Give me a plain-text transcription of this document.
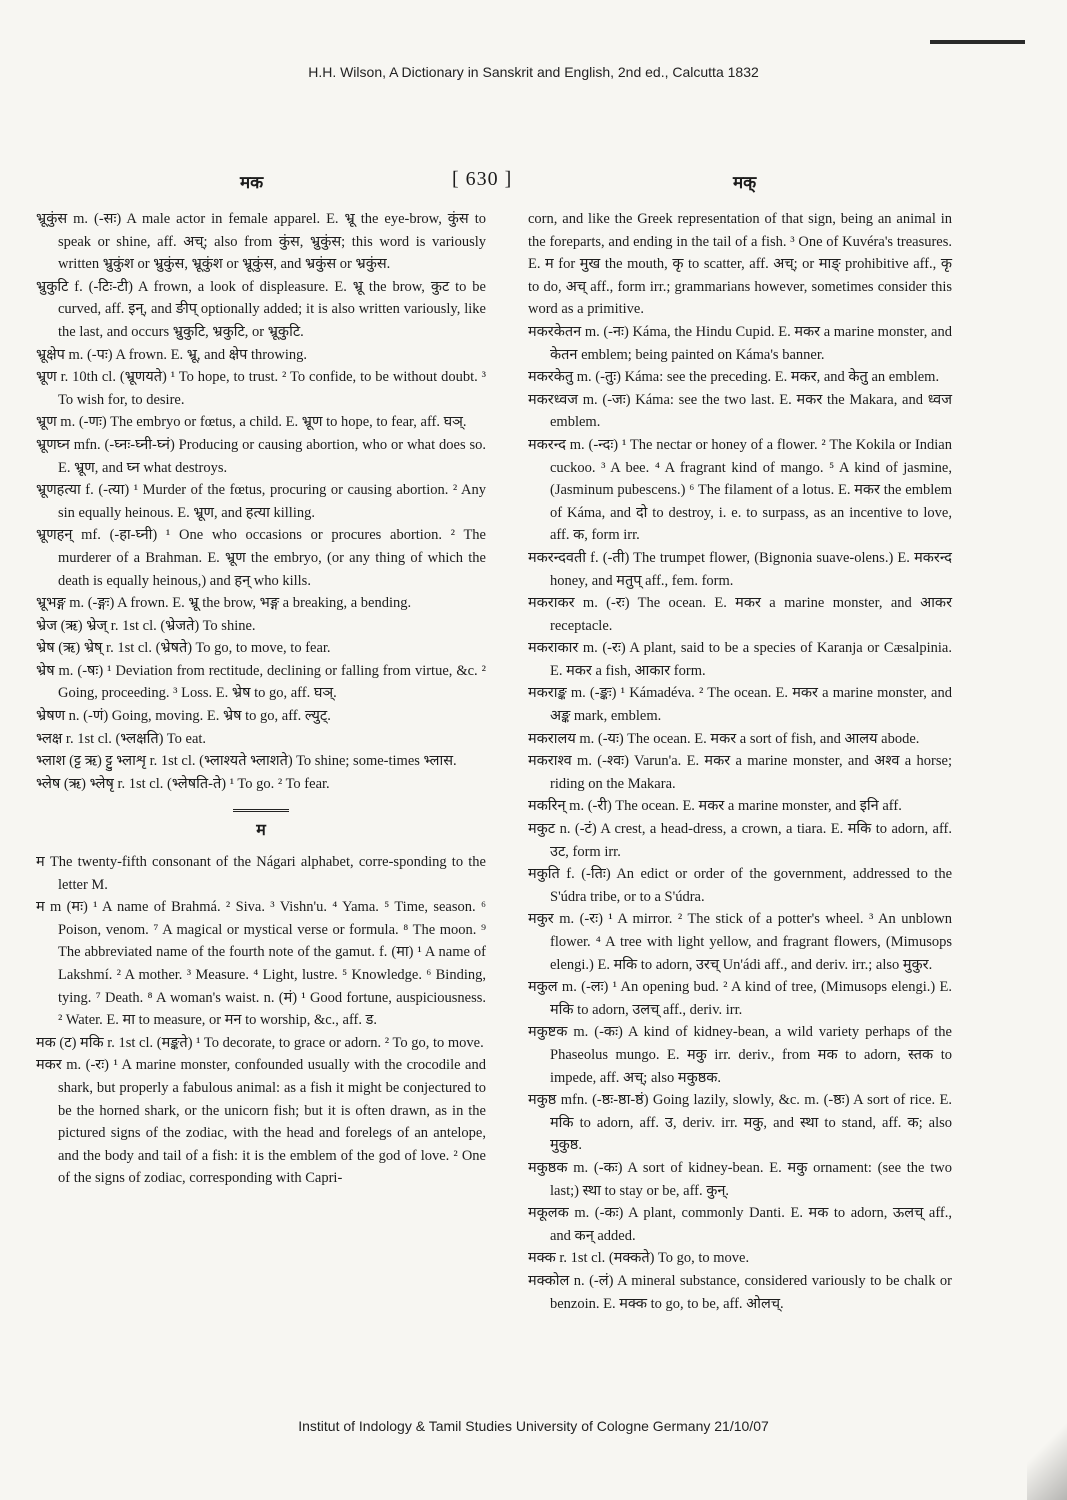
H.H. Wilson, A Dictionary in Sanskrit and English, 2nd ed., Calcutta 1832
मक	[ 630 ]	मक्
भ्रूकुंस m. (-सः) A male actor in female apparel. E. भ्रू the eye-brow, कुंस to speak or shine, aff. अच्; also from कुंस, भ्रुकुंस; this word is variously written भ्रुकुंश or भ्रुकुंस, भ्रूकुंश or भ्रूकुंस, and भ्रकुंस or भ्रकुंस.
भ्रुकुटि f. (-टिः-टी) A frown, a look of displeasure. E. भ्रू the brow, कुट to be curved, aff. इन्, and ङीप् optionally added; it is also written variously, like the last, and occurs भ्रुकुटि, भ्रकुटि, or भ्रूकुटि.
भ्रूक्षेप m. (-पः) A frown. E. भ्रू, and क्षेप throwing.
भ्रूण r. 10th cl. (भ्रूणयते) ¹ To hope, to trust. ² To confide, to be without doubt. ³ To wish for, to desire.
भ्रूण m. (-णः) The embryo or fœtus, a child. E. भ्रूण to hope, to fear, aff. घञ्.
भ्रूणघ्न mfn. (-घ्नः-घ्नी-घ्नं) Producing or causing abortion, who or what does so. E. भ्रूण, and घ्न what destroys.
भ्रूणहत्या f. (-त्या) ¹ Murder of the fœtus, procuring or causing abortion. ² Any sin equally heinous. E. भ्रूण, and हत्या killing.
भ्रूणहन् mf. (-हा-घ्नी) ¹ One who occasions or procures abortion. ² The murderer of a Brahman. E. भ्रूण the embryo, (or any thing of which the death is equally heinous,) and हन् who kills.
भ्रूभङ्ग m. (-ङ्गः) A frown. E. भ्रू the brow, भङ्ग a breaking, a bending.
भ्रेज (ऋ) भ्रेज् r. 1st cl. (भ्रेजते) To shine.
भ्रेष (ऋ) भ्रेष् r. 1st cl. (भ्रेषते) To go, to move, to fear.
भ्रेष m. (-षः) ¹ Deviation from rectitude, declining or falling from virtue, &c. ² Going, proceeding. ³ Loss. E. भ्रेष to go, aff. घञ्.
भ्रेषण n. (-णं) Going, moving. E. भ्रेष to go, aff. ल्युट्.
भ्लक्ष r. 1st cl. (भ्लक्षति) To eat.
भ्लाश (ट्ट ऋ) ट्टु भ्लाशृ r. 1st cl. (भ्लाश्यते भ्लाशते) To shine; some-times भ्लास.
भ्लेष (ऋ) भ्लेषृ r. 1st cl. (भ्लेषति-ते) ¹ To go. ² To fear.
म
म The twenty-fifth consonant of the Nágari alphabet, corre-sponding to the letter M.
म m (मः) ¹ A name of Brahmá. ² Siva. ³ Vishn'u. ⁴ Yama. ⁵ Time, season. ⁶ Poison, venom. ⁷ A magical or mystical verse or formula. ⁸ The moon. ⁹ The abbreviated name of the fourth note of the gamut. f. (मा) ¹ A name of Lakshmí. ² A mother. ³ Measure. ⁴ Light, lustre. ⁵ Knowledge. ⁶ Binding, tying. ⁷ Death. ⁸ A woman's waist. n. (मं) ¹ Good fortune, auspiciousness. ² Water. E. मा to measure, or मन to worship, &c., aff. ड.
मक (ट) मकि r. 1st cl. (मङ्कते) ¹ To decorate, to grace or adorn. ² To go, to move.
मकर m. (-रः) ¹ A marine monster, confounded usually with the crocodile and shark, but properly a fabulous animal: as a fish it might be conjectured to be the horned shark, or the unicorn fish; but it is often drawn, as in the pictured signs of the zodiac, with the head and forelegs of an antelope, and the body and tail of a fish: it is the emblem of the god of love. ² One of the signs of zodiac, corresponding with Capri-
corn, and like the Greek representation of that sign, being an animal in the foreparts, and ending in the tail of a fish. ³ One of Kuvéra's treasures. E. म for मुख the mouth, कृ to scatter, aff. अच्; or माङ् prohibitive aff., कृ to do, अच् aff., form irr.; grammarians however, sometimes consider this word as a primitive.
मकरकेतन m. (-नः) Káma, the Hindu Cupid. E. मकर a marine monster, and केतन emblem; being painted on Káma's banner.
मकरकेतु m. (-तुः) Káma: see the preceding. E. मकर, and केतु an emblem.
मकरध्वज m. (-जः) Káma: see the two last. E. मकर the Makara, and ध्वज emblem.
मकरन्द m. (-न्दः) ¹ The nectar or honey of a flower. ² The Kokila or Indian cuckoo. ³ A bee. ⁴ A fragrant kind of mango. ⁵ A kind of jasmine, (Jasminum pubescens.) ⁶ The filament of a lotus. E. मकर the emblem of Káma, and दो to destroy, i. e. to surpass, as an incentive to love, aff. क, form irr.
मकरन्दवती f. (-ती) The trumpet flower, (Bignonia suave-olens.) E. मकरन्द honey, and मतुप् aff., fem. form.
मकराकर m. (-रः) The ocean. E. मकर a marine monster, and आकर receptacle.
मकराकार m. (-रः) A plant, said to be a species of Karanja or Cæsalpinia. E. मकर a fish, आकार form.
मकराङ्क m. (-ङ्कः) ¹ Kámadéva. ² The ocean. E. मकर a marine monster, and अङ्क mark, emblem.
मकरालय m. (-यः) The ocean. E. मकर a sort of fish, and आलय abode.
मकराश्व m. (-श्वः) Varun'a. E. मकर a marine monster, and अश्व a horse; riding on the Makara.
मकरिन् m. (-री) The ocean. E. मकर a marine monster, and इनि aff.
मकुट n. (-टं) A crest, a head-dress, a crown, a tiara. E. मकि to adorn, aff. उट, form irr.
मकुति f. (-तिः) An edict or order of the government, addressed to the S'údra tribe, or to a S'údra.
मकुर m. (-रः) ¹ A mirror. ² The stick of a potter's wheel. ³ An unblown flower. ⁴ A tree with light yellow, and fragrant flowers, (Mimusops elengi.) E. मकि to adorn, उरच् Un'ádi aff., and deriv. irr.; also मुकुर.
मकुल m. (-लः) ¹ An opening bud. ² A kind of tree, (Mimusops elengi.) E. मकि to adorn, उलच् aff., deriv. irr.
मकुष्टक m. (-कः) A kind of kidney-bean, a wild variety perhaps of the Phaseolus mungo. E. मकु irr. deriv., from मक to adorn, स्तक to impede, aff. अच्; also मकुष्ठक.
मकुष्ठ mfn. (-ष्ठः-ष्ठा-ष्ठं) Going lazily, slowly, &c. m. (-ष्ठः) A sort of rice. E. मकि to adorn, aff. उ, deriv. irr. मकु, and स्था to stand, aff. क; also मुकुष्ठ.
मकुष्ठक m. (-कः) A sort of kidney-bean. E. मकु ornament: (see the two last;) स्था to stay or be, aff. कुन्.
मकूलक m. (-कः) A plant, commonly Danti. E. मक to adorn, ऊलच् aff., and कन् added.
मक्क r. 1st cl. (मक्कते) To go, to move.
मक्कोल n. (-लं) A mineral substance, considered variously to be chalk or benzoin. E. मक्क to go, to be, aff. ओलच्.
Institut of Indology & Tamil Studies University of Cologne Germany 21/10/07
